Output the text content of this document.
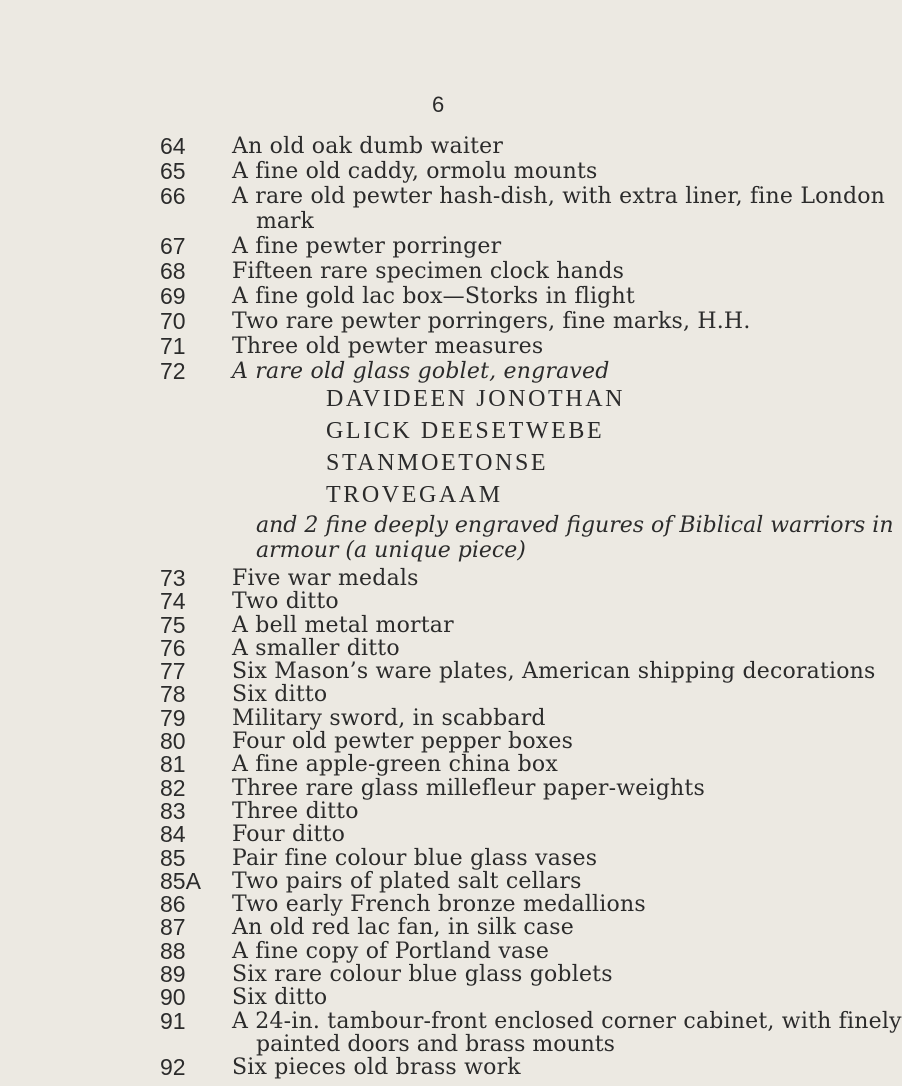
6
64 An old oak dumb waiter
65 A fine old caddy, ormolu mounts
66 A rare old pewter hash-dish, with extra liner, fine London
mark
67 A fine pewter porringer
68 Fifteen rare specimen clock hands
69 A fine gold lac box—Storks in flight
70 Two rare pewter porringers, fine marks, H.H.
71 Three old pewter measures
72 A rare old glass goblet, engraved
DAVIDEEN JONOTHAN
GLICK DEESETWEBE
STANMOETONSE
TROVEGAAM
and 2 fine deeply engraved figures of Biblical warriors in
armour (a unique piece)
73 Five war medals
74 Two ditto
75 A bell metal mortar
76 A smaller ditto
77 Six Mason’s ware plates, American shipping decorations
78 Six ditto
79 Military sword, in scabbard
80 Four old pewter pepper boxes
81 A fine apple-green china box
82 Three rare glass millefleur paper-weights
83 Three ditto
84 Four ditto
85 Pair fine colour blue glass vases
85A Two pairs of plated salt cellars
86 Two early French bronze medallions
87 An old red lac fan, in silk case
88 A fine copy of Portland vase
89 Six rare colour blue glass goblets
90 Six ditto
91 A 24-in. tambour-front enclosed corner cabinet, with finely
painted doors and brass mounts
92 Six pieces old brass work
